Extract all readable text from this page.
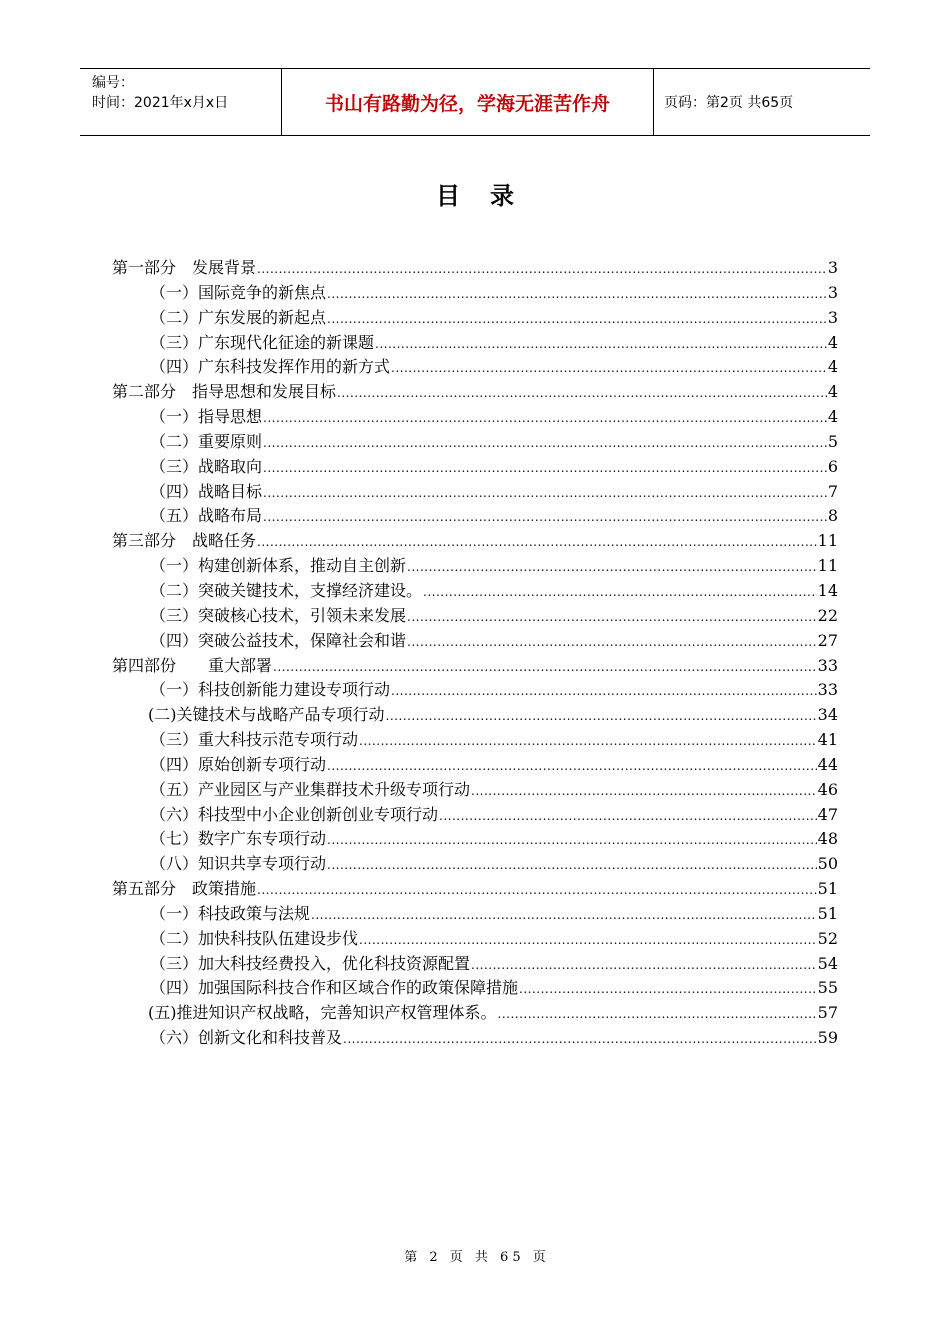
编号：
时间：2021年x月x日	书山有路勤为径，学海无涯苦作舟	页码：第2页 共65页
目录
第一部分　发展背景 .....	3
（一）国际竞争的新焦点 .....	3
（二）广东发展的新起点 .....	3
（三）广东现代化征途的新课题 .....	4
（四）广东科技发挥作用的新方式 .....	4
第二部分　指导思想和发展目标 .....	4
（一）指导思想 .....	4
（二）重要原则 .....	5
（三）战略取向 .....	6
（四）战略目标 .....	7
（五）战略布局 .....	8
第三部分　战略任务 .....	11
（一）构建创新体系，推动自主创新 .....	11
（二）突破关键技术，支撑经济建设。 .....	14
（三）突破核心技术，引领未来发展 .....	22
（四）突破公益技术，保障社会和谐 .....	27
第四部份　　重大部署 .....	33
（一）科技创新能力建设专项行动 .....	33
(二)关键技术与战略产品专项行动 .....	34
（三）重大科技示范专项行动 .....	41
（四）原始创新专项行动 .....	44
（五）产业园区与产业集群技术升级专项行动 .....	46
（六）科技型中小企业创新创业专项行动 .....	47
（七）数字广东专项行动 .....	48
（八）知识共享专项行动 .....	50
第五部分　政策措施 .....	51
（一）科技政策与法规 .....	51
（二）加快科技队伍建设步伐 .....	52
（三）加大科技经费投入，优化科技资源配置 .....	54
（四）加强国际科技合作和区域合作的政策保障措施 .....	55
(五)推进知识产权战略，完善知识产权管理体系。 .....	57
（六）创新文化和科技普及 .....	59
第 2 页 共 65 页
